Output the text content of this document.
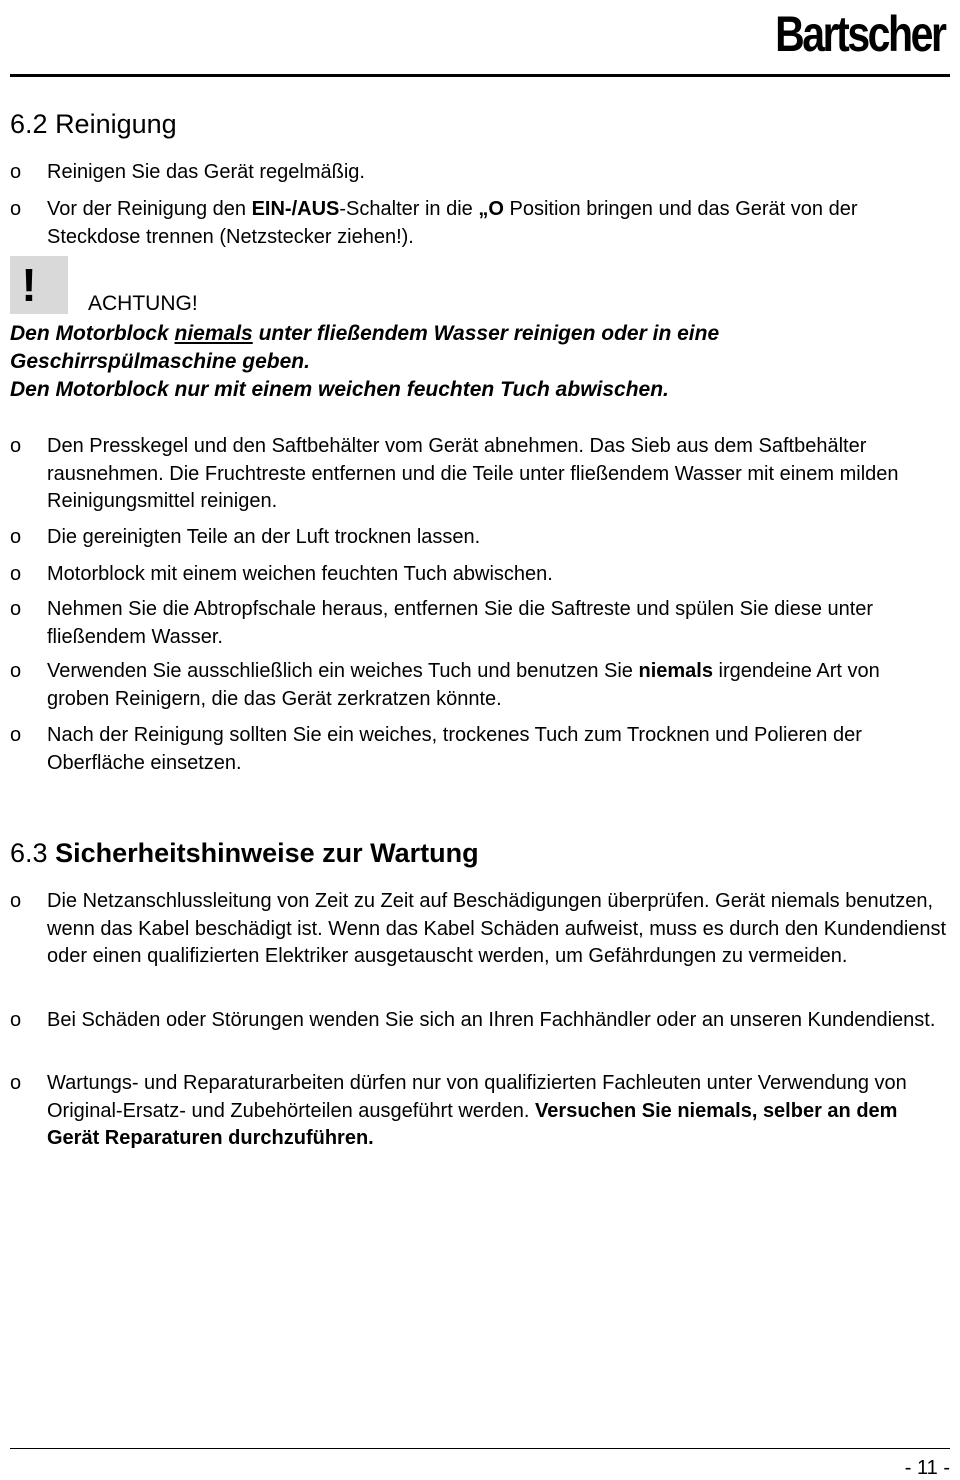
Bartscher
6.2 Reinigung
o Reinigen Sie das Gerät regelmäßig.
o Vor der Reinigung den EIN-/AUS-Schalter in die „O Position bringen und das Gerät von der Steckdose trennen (Netzstecker ziehen!).
! ACHTUNG!

Den Motorblock niemals unter fließendem Wasser reinigen oder in eine Geschirrspülmaschine geben.

Den Motorblock nur mit einem weichen feuchten Tuch abwischen.

o Den Presskegel und den Saftbehälter vom Gerät abnehmen. Das Sieb aus dem Saftbehälter rausnehmen. Die Fruchtreste entfernen und die Teile unter fließendem Wasser mit einem milden Reinigungsmittel reinigen.
o Die gereinigten Teile an der Luft trocknen lassen.
o Motorblock mit einem weichen feuchten Tuch abwischen.
o Nehmen Sie die Abtropfschale heraus, entfernen Sie die Saftreste und spülen Sie diese unter fließendem Wasser.
o Verwenden Sie ausschließlich ein weiches Tuch und benutzen Sie niemals irgendeine Art von groben Reinigern, die das Gerät zerkratzen könnte.
o Nach der Reinigung sollten Sie ein weiches, trockenes Tuch zum Trocknen und Polieren der Oberfläche einsetzen.
6.3 Sicherheitshinweise zur Wartung
o Die Netzanschlussleitung von Zeit zu Zeit auf Beschädigungen überprüfen. Gerät niemals benutzen, wenn das Kabel beschädigt ist. Wenn das Kabel Schäden aufweist, muss es durch den Kundendienst oder einen qualifizierten Elektriker ausgetauscht werden, um Gefährdungen zu vermeiden.
o Bei Schäden oder Störungen wenden Sie sich an Ihren Fachhändler oder an unseren Kundendienst.
o Wartungs- und Reparaturarbeiten dürfen nur von qualifizierten Fachleuten unter Verwendung von Original-Ersatz- und Zubehörteilen ausgeführt werden. Versuchen Sie niemals, selber an dem Gerät Reparaturen durchzuführen.
- 11 -
